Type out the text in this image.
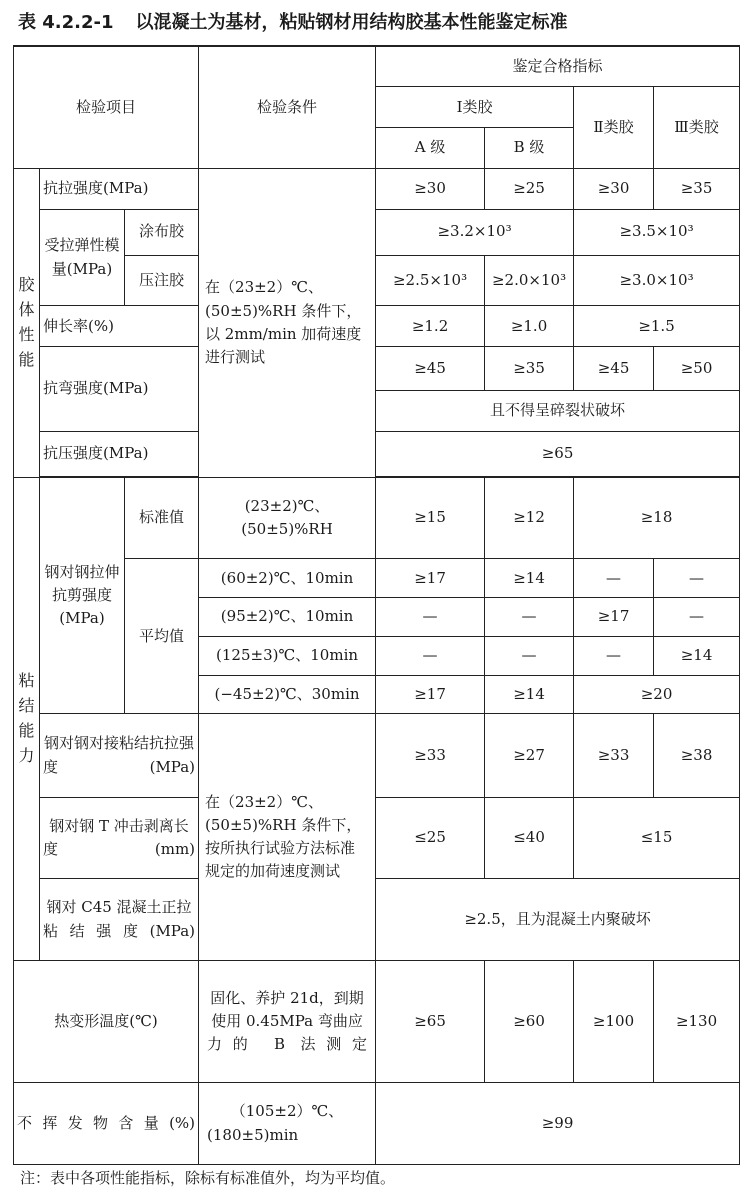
表 4.2.2-1 以混凝土为基材，粘贴钢材用结构胶基本性能鉴定标准
检验项目			检验条件	鉴定合格指标			
				Ⅰ类胶		Ⅱ类胶	Ⅲ类胶
				A 级	B 级		

胶体性能	抗拉强度(MPa)		在（23±2）℃、(50±5)%RH 条件下，以 2mm/min 加荷速度进行测试	≥30	≥25	≥30	≥35
	受拉弹性模量(MPa)	涂布胶		≥3.2×10³		≥3.5×10³	
		压注胶		≥2.5×10³	≥2.0×10³	≥3.0×10³	
	伸长率(%)			≥1.2	≥1.0	≥1.5	
	抗弯强度(MPa)			≥45	≥35	≥45	≥50
				且不得呈碎裂状破坏			
	抗压强度(MPa)			≥65			

粘结能力	钢对钢拉伸抗剪强度(MPa)	标准值	(23±2)℃、(50±5)%RH	≥15	≥12	≥18	
		平均值	(60±2)℃、10min	≥17	≥14	—	—
			(95±2)℃、10min	—	—	≥17	—
			(125±3)℃、10min	—	—	—	≥14
			(−45±2)℃、30min	≥17	≥14	≥20	
	钢对钢对接粘结抗拉强度(MPa)		在（23±2）℃、(50±5)%RH 条件下，按所执行试验方法标准规定的加荷速度测试	≥33	≥27	≥33	≥38
	钢对钢 T 冲击剥离长度(mm)			≤25	≤40	≤15	
	钢对 C45 混凝土正拉粘结强度(MPa)			≥2.5，且为混凝土内聚破坏			
热变形温度(℃)			固化、养护 21d，到期使用 0.45MPa 弯曲应力的 B 法测定	≥65	≥60	≥100	≥130
不挥发物含量(%)			（105±2）℃、(180±5)min	≥99			
注：表中各项性能指标，除标有标准值外，均为平均值。
